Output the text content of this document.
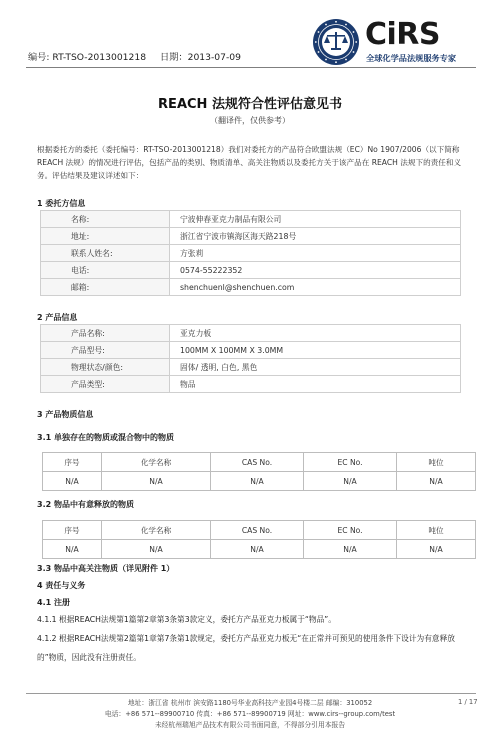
编号: RT-TSO-2013001218 日期：2013-07-09
CiRS
全球化学品法规服务专家
REACH 法规符合性评估意见书
（翻译件，仅供参考）
根据委托方的委托（委托编号：RT-TSO-2013001218）我们对委托方的产品符合欧盟法规（EC）No 1907/2006（以下简称 REACH 法规）的情况进行评估，包括产品的类别、物质清单、高关注物质以及委托方关于该产品在 REACH 法规下的责任和义务。评估结果及建议详述如下：
1 委托方信息
名称:	宁波伸春亚克力制品有限公司
地址:	浙江省宁波市镇海区海天路218号
联系人姓名:	方张莉
电话:	0574-55222352
邮箱:	shenchuenl@shenchuen.com
2 产品信息
产品名称:	亚克力板
产品型号:	100MM X 100MM X 3.0MM
物理状态/颜色:	固体/ 透明, 白色, 黑色
产品类型:	物品
3 产品物质信息
3.1 单独存在的物质或混合物中的物质
序号	化学名称	CAS No.	EC No.	吨位
N/A	N/A	N/A	N/A	N/A
3.2 物品中有意释放的物质
序号	化学名称	CAS No.	EC No.	吨位
N/A	N/A	N/A	N/A	N/A
3.3 物品中高关注物质（详见附件 1）
4 责任与义务
4.1 注册
4.1.1 根据REACH法规第1篇第2章第3条第3款定义，委托方产品亚克力板属于“物品”。
4.1.2 根据REACH法规第2篇第1章第7条第1款规定，委托方产品亚克力板无“在正常并可预见的使用条件下设计为有意释放的”物质，因此没有注册责任。
地址：浙江省 杭州市 滨安路1180号华业高科技产业园4号楼二层 邮编：310052
电话：+86 571--89900710 传真：+86 571--89900719 网址：www.cirs--group.com/test
未经杭州瑞旭产品技术有限公司书面同意，不得部分引用本报告
1 / 17
